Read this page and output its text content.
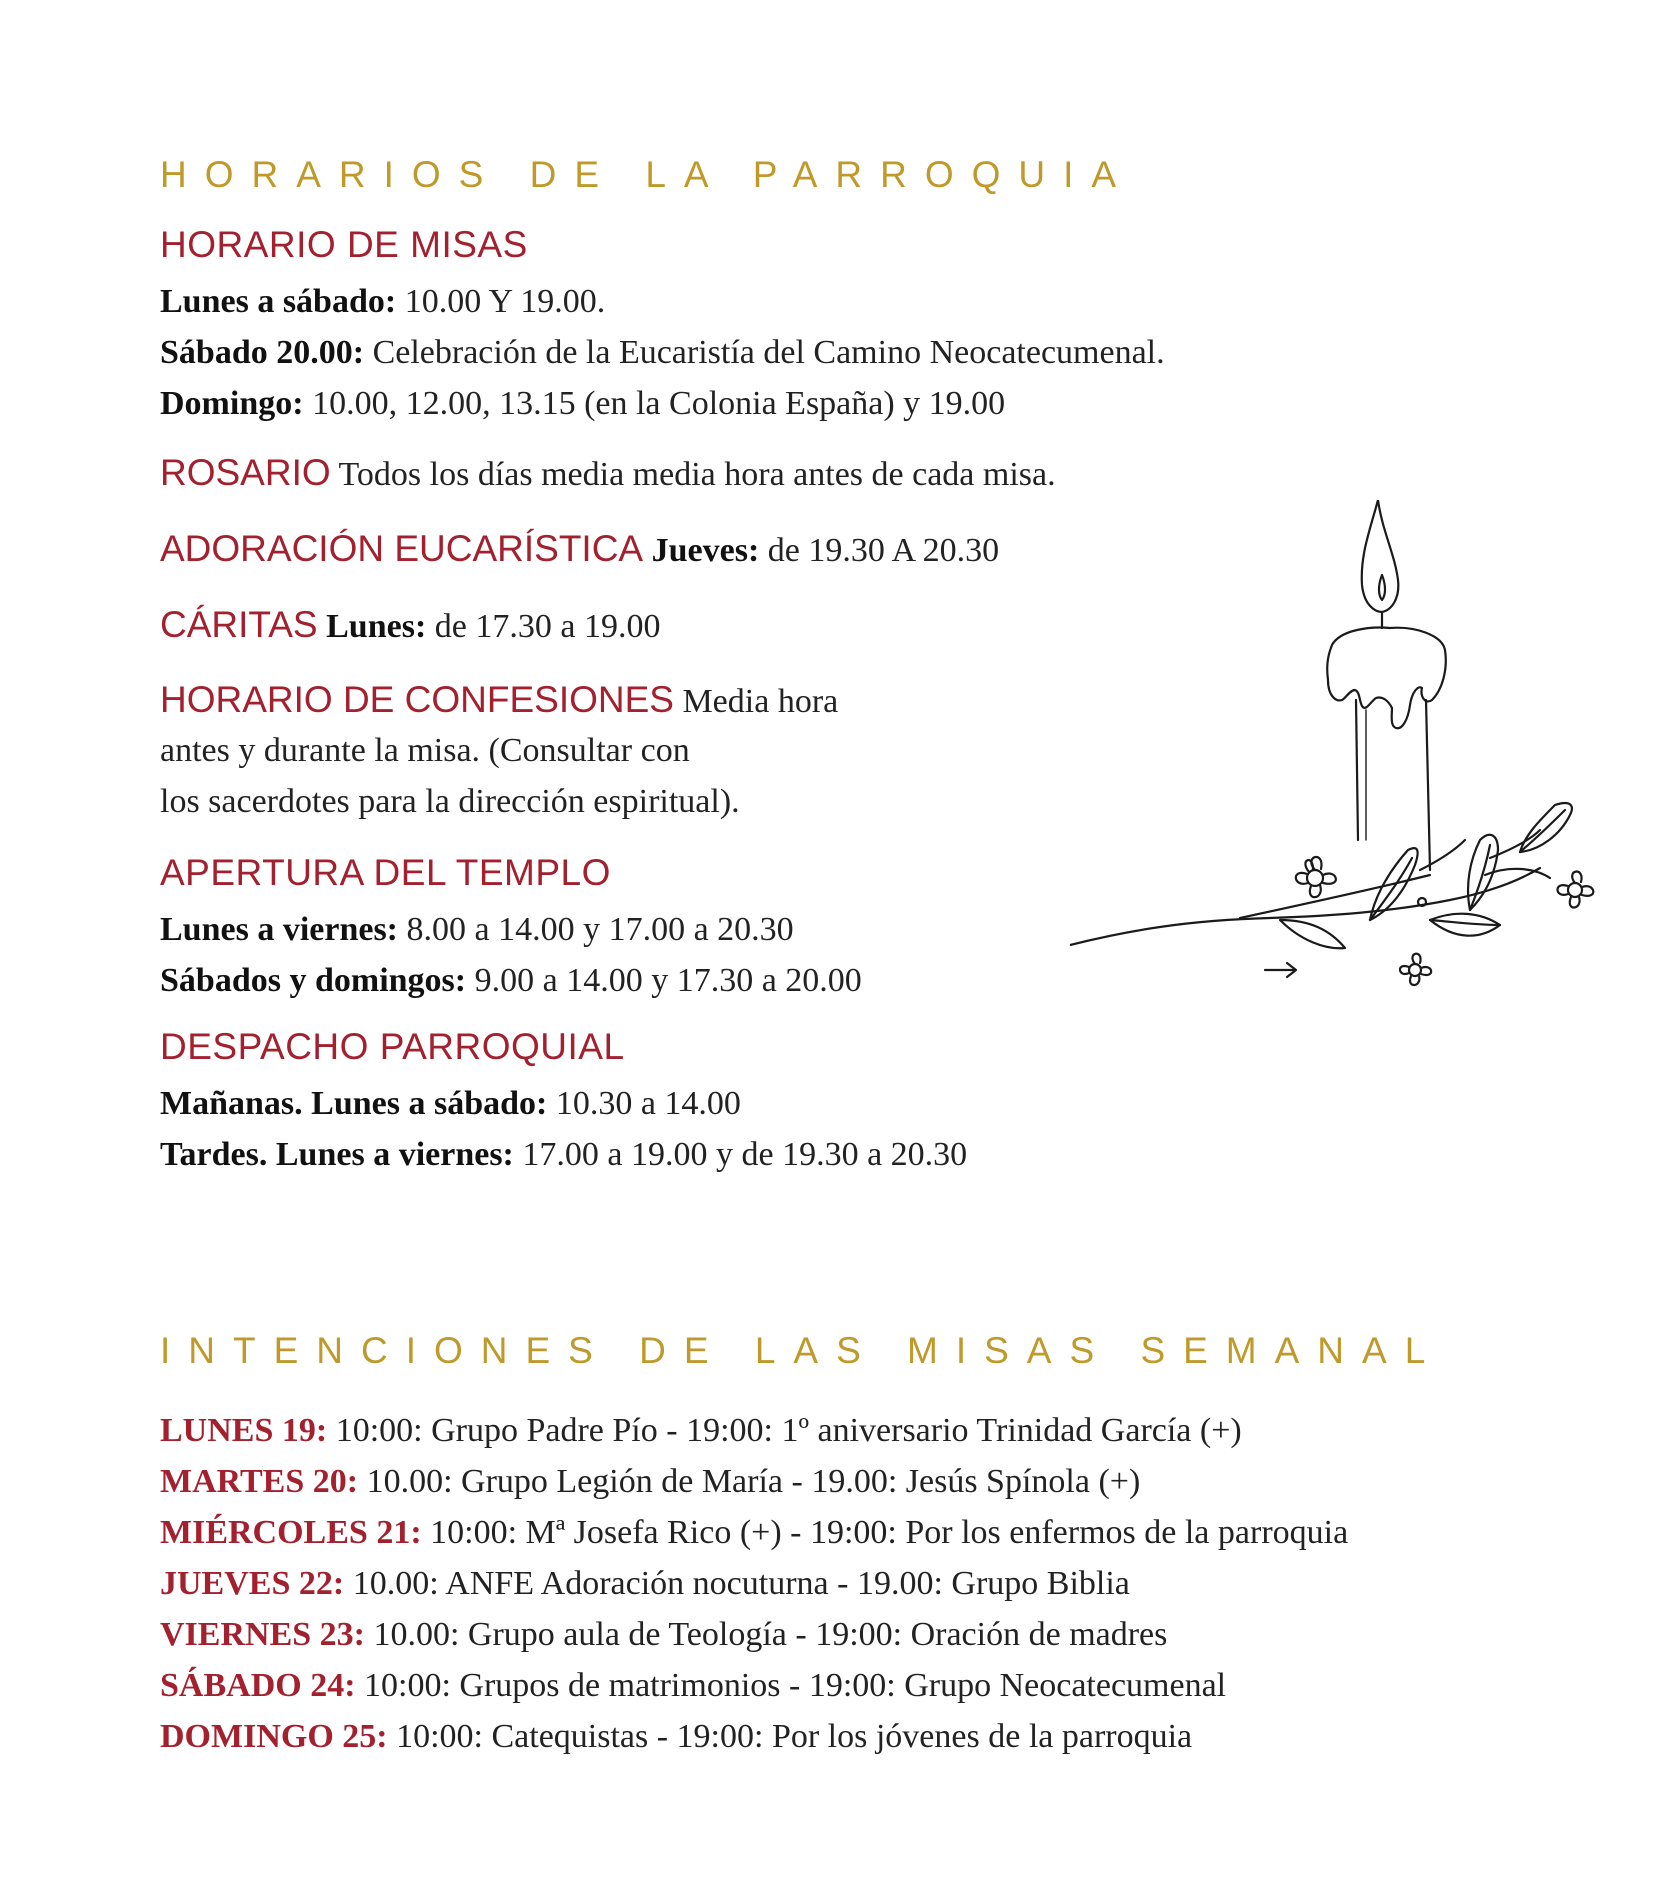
HORARIOS DE LA PARROQUIA
HORARIO DE MISAS
Lunes a sábado: 10.00 Y 19.00.
Sábado 20.00: Celebración de la Eucaristía del Camino Neocatecumenal.
Domingo: 10.00, 12.00, 13.15 (en la Colonia España) y 19.00
ROSARIO Todos los días media media hora antes de cada misa.
ADORACIÓN EUCARÍSTICA Jueves: de 19.30 A 20.30
CÁRITAS Lunes: de 17.30 a 19.00
HORARIO DE CONFESIONES Media hora
antes y durante la misa. (Consultar con
los sacerdotes para la dirección espiritual).
APERTURA DEL TEMPLO
Lunes a viernes: 8.00 a 14.00 y 17.00 a 20.30
Sábados y domingos: 9.00 a 14.00 y 17.30 a 20.00
DESPACHO PARROQUIAL
Mañanas. Lunes a sábado: 10.30 a 14.00
Tardes. Lunes a viernes: 17.00 a 19.00 y de 19.30 a 20.30
INTENCIONES DE LAS MISAS SEMANAL
LUNES 19: 10:00: Grupo Padre Pío - 19:00: 1º aniversario Trinidad García (+)
MARTES 20: 10.00: Grupo Legión de María - 19.00: Jesús Spínola (+)
MIÉRCOLES 21: 10:00: Mª Josefa Rico (+) - 19:00: Por los enfermos de la parroquia
JUEVES 22: 10.00: ANFE Adoración nocuturna - 19.00: Grupo Biblia
VIERNES 23: 10.00: Grupo aula de Teología - 19:00: Oración de madres
SÁBADO 24: 10:00: Grupos de matrimonios - 19:00: Grupo Neocatecumenal
DOMINGO 25: 10:00: Catequistas - 19:00: Por los jóvenes de la parroquia
